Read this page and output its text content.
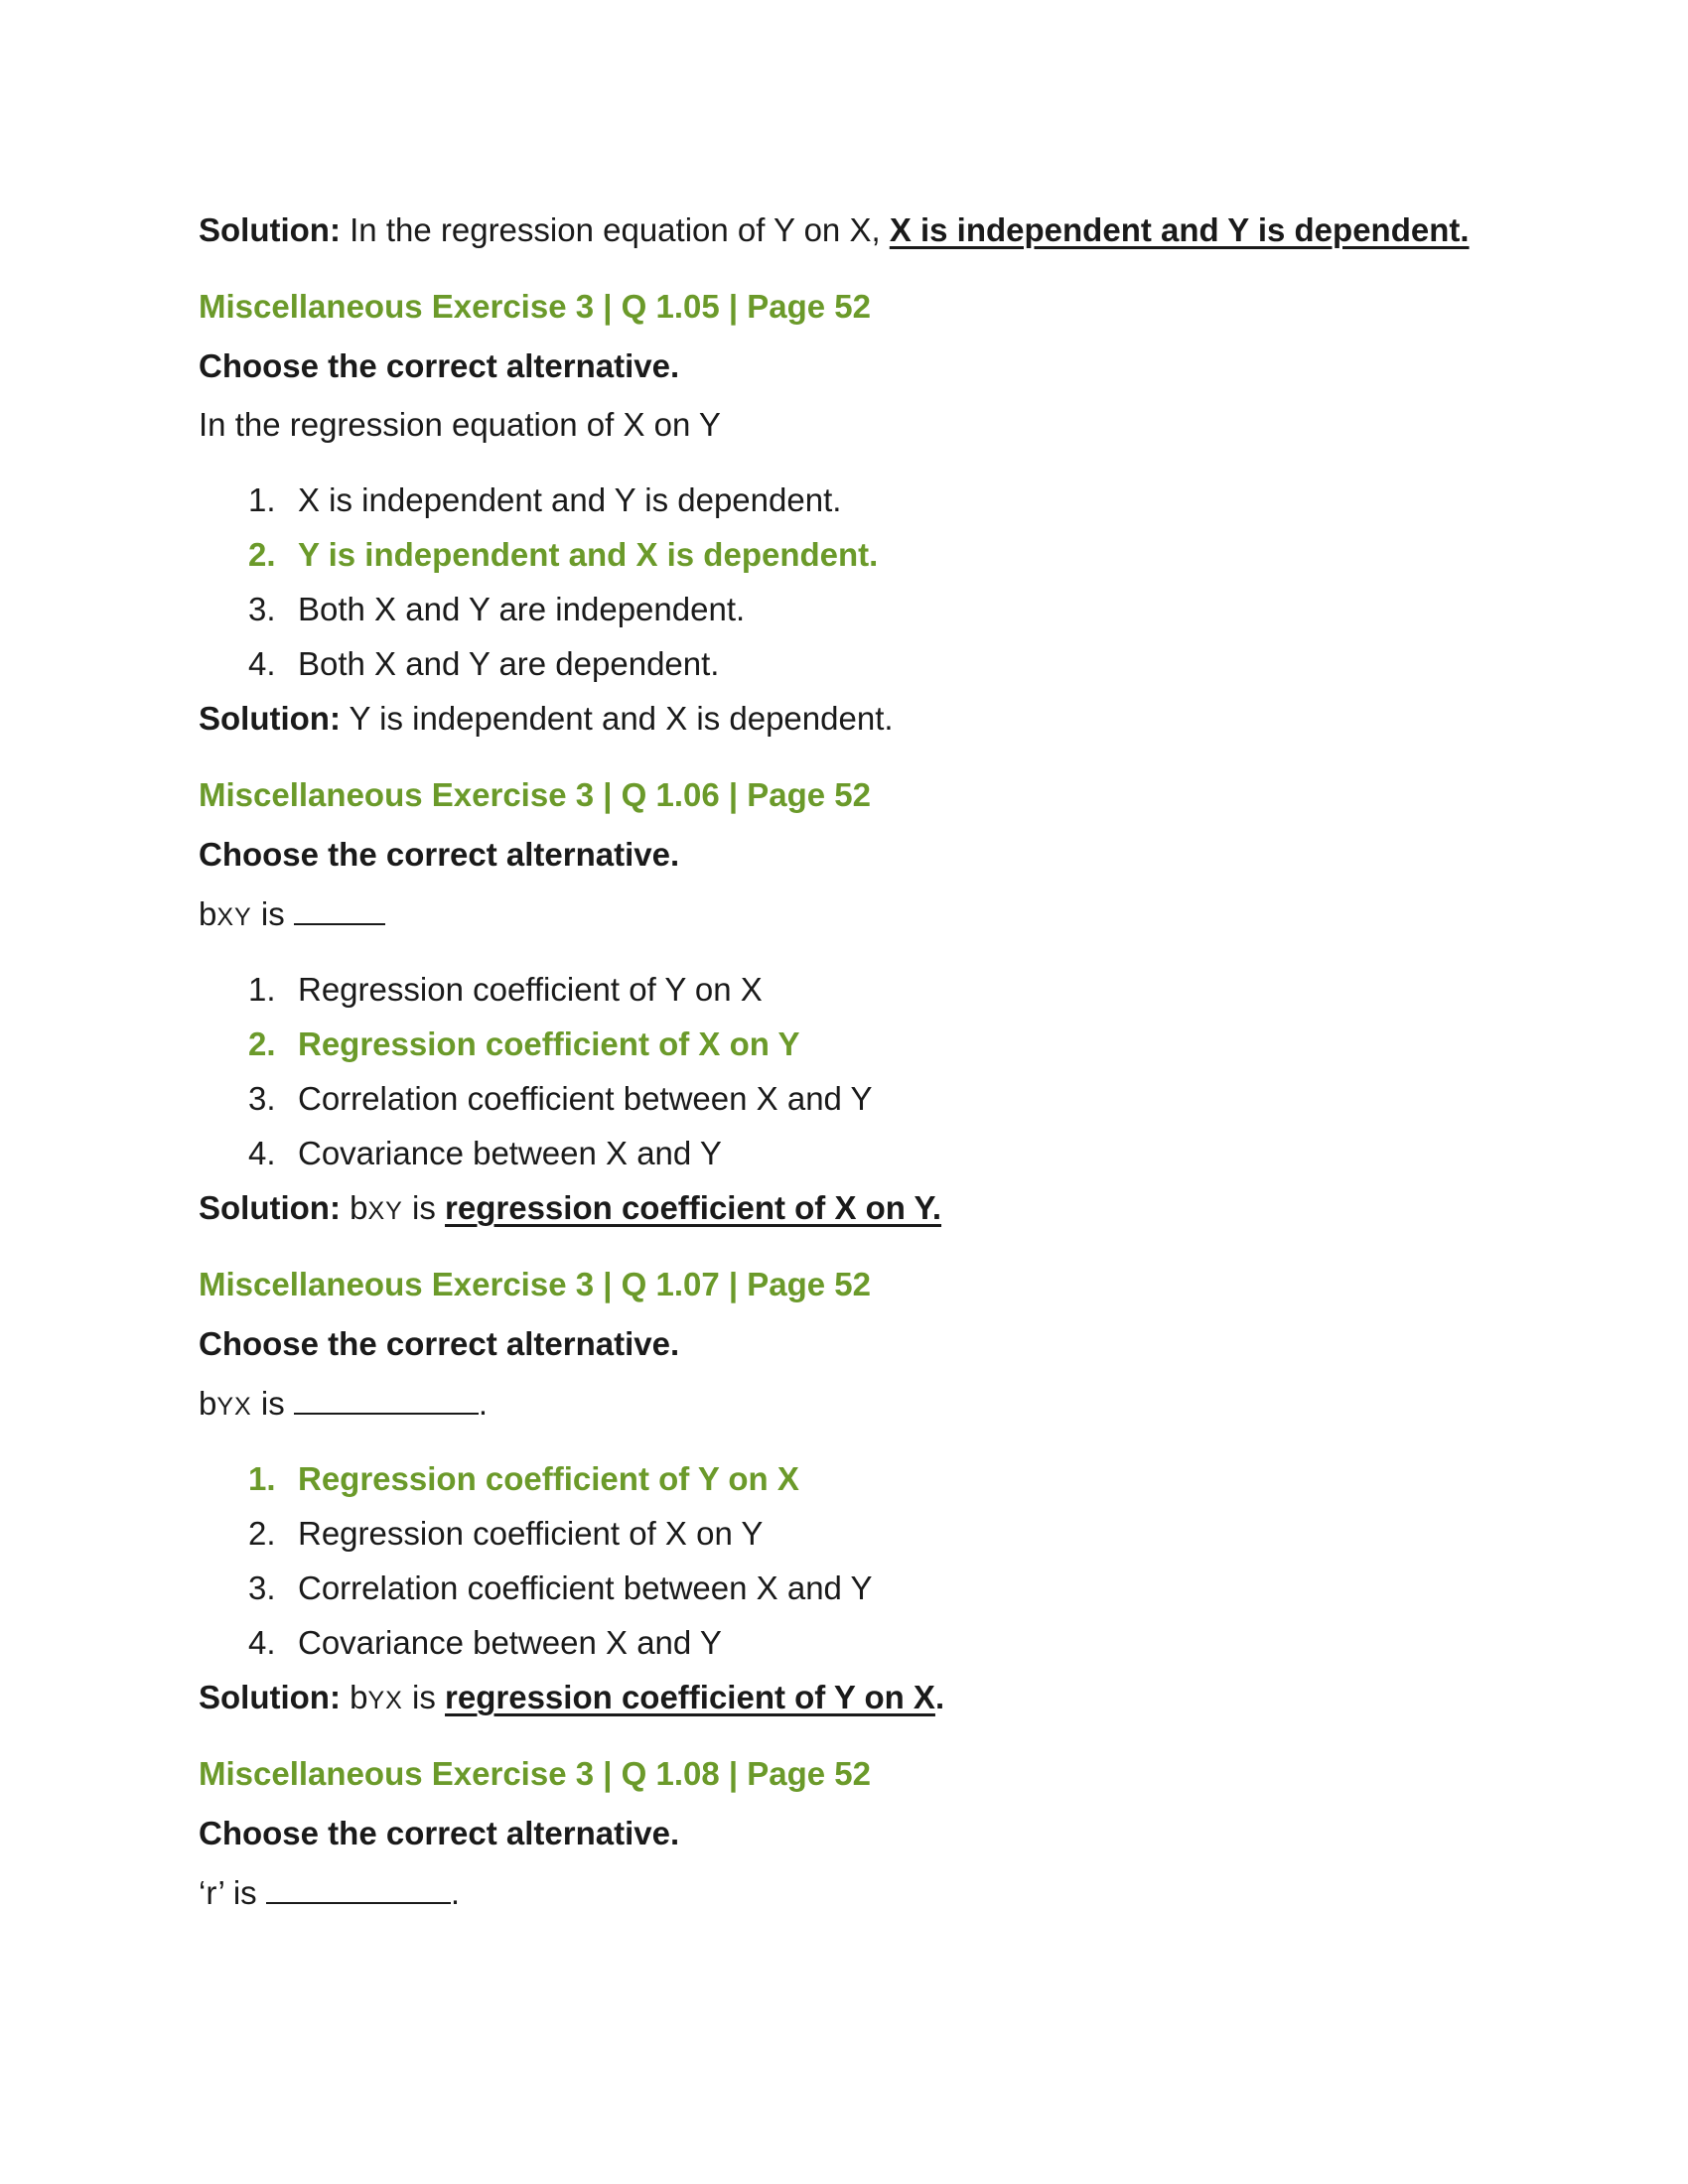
Solution: In the regression equation of Y on X, X is independent and Y is dependent.
Miscellaneous Exercise 3 | Q 1.05 | Page 52
Choose the correct alternative.
In the regression equation of X on Y
1. X is independent and Y is dependent.
2. Y is independent and X is dependent.
3. Both X and Y are independent.
4. Both X and Y are dependent.
Solution: Y is independent and X is dependent.
Miscellaneous Exercise 3 | Q 1.06 | Page 52
Choose the correct alternative.
bXY is
1. Regression coefficient of Y on X
2. Regression coefficient of X on Y
3. Correlation coefficient between X and Y
4. Covariance between X and Y
Solution: bXY is regression coefficient of X on Y.
Miscellaneous Exercise 3 | Q 1.07 | Page 52
Choose the correct alternative.
bYX is	.
1. Regression coefficient of Y on X
2. Regression coefficient of X on Y
3. Correlation coefficient between X and Y
4. Covariance between X and Y
Solution: bYX is regression coefficient of Y on X.
Miscellaneous Exercise 3 | Q 1.08 | Page 52
Choose the correct alternative.
‘r’ is	.
